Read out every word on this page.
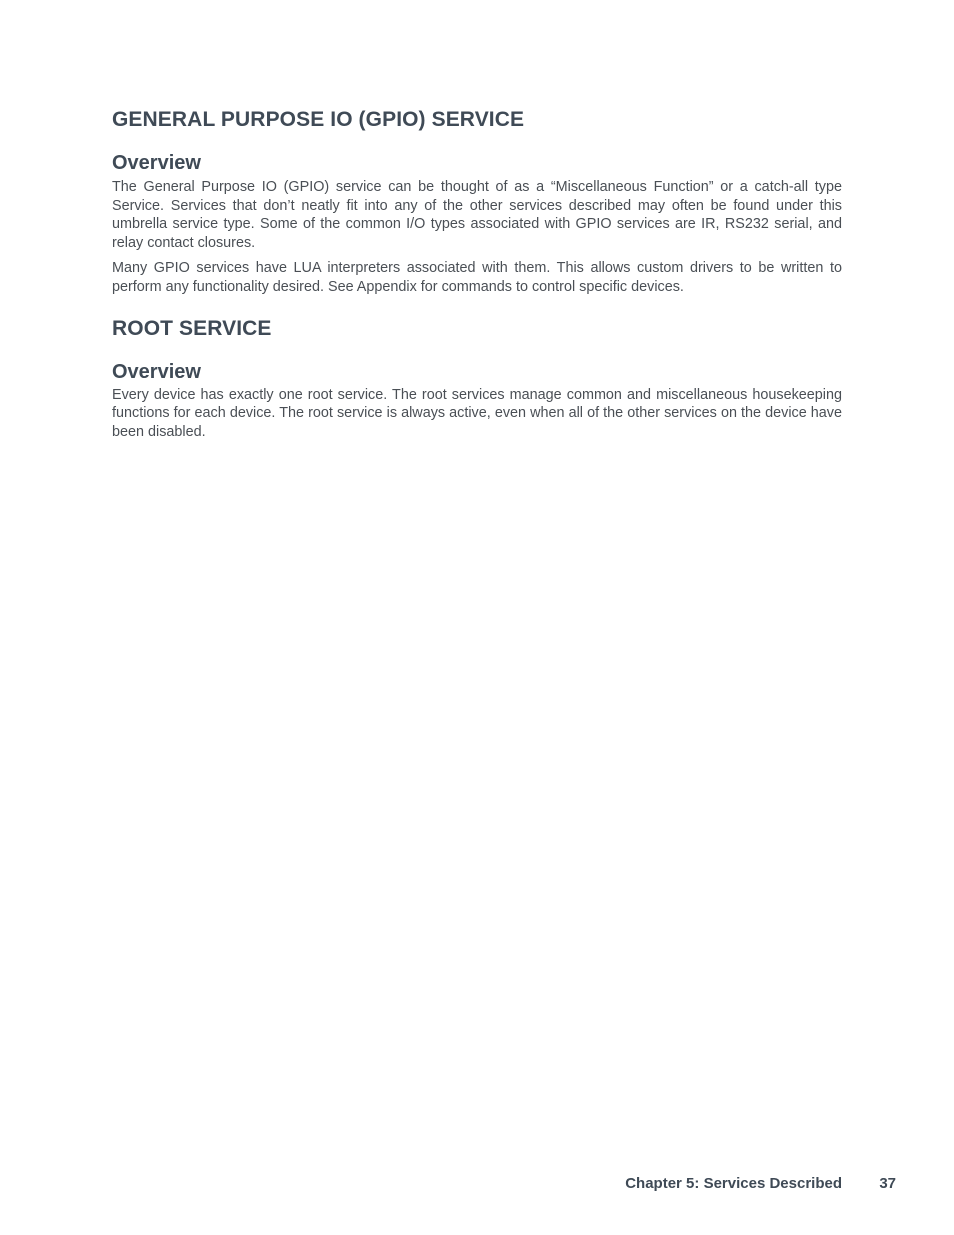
GENERAL PURPOSE IO (GPIO) SERVICE
Overview

The General Purpose IO (GPIO) service can be thought of as a “Miscellaneous Function” or a catch-all type Service. Services that don’t neatly fit into any of the other services described may often be found under this umbrella service type. Some of the common I/O types associated with GPIO services are IR, RS232 serial, and relay contact closures.

Many GPIO services have LUA interpreters associated with them. This allows custom drivers to be written to perform any functionality desired. See Appendix for commands to control specific devices.

ROOT SERVICE
Overview

Every device has exactly one root service. The root services manage common and miscellaneous housekeeping functions for each device. The root service is always active, even when all of the other services on the device have been disabled.

Chapter 5: Services Described 37
